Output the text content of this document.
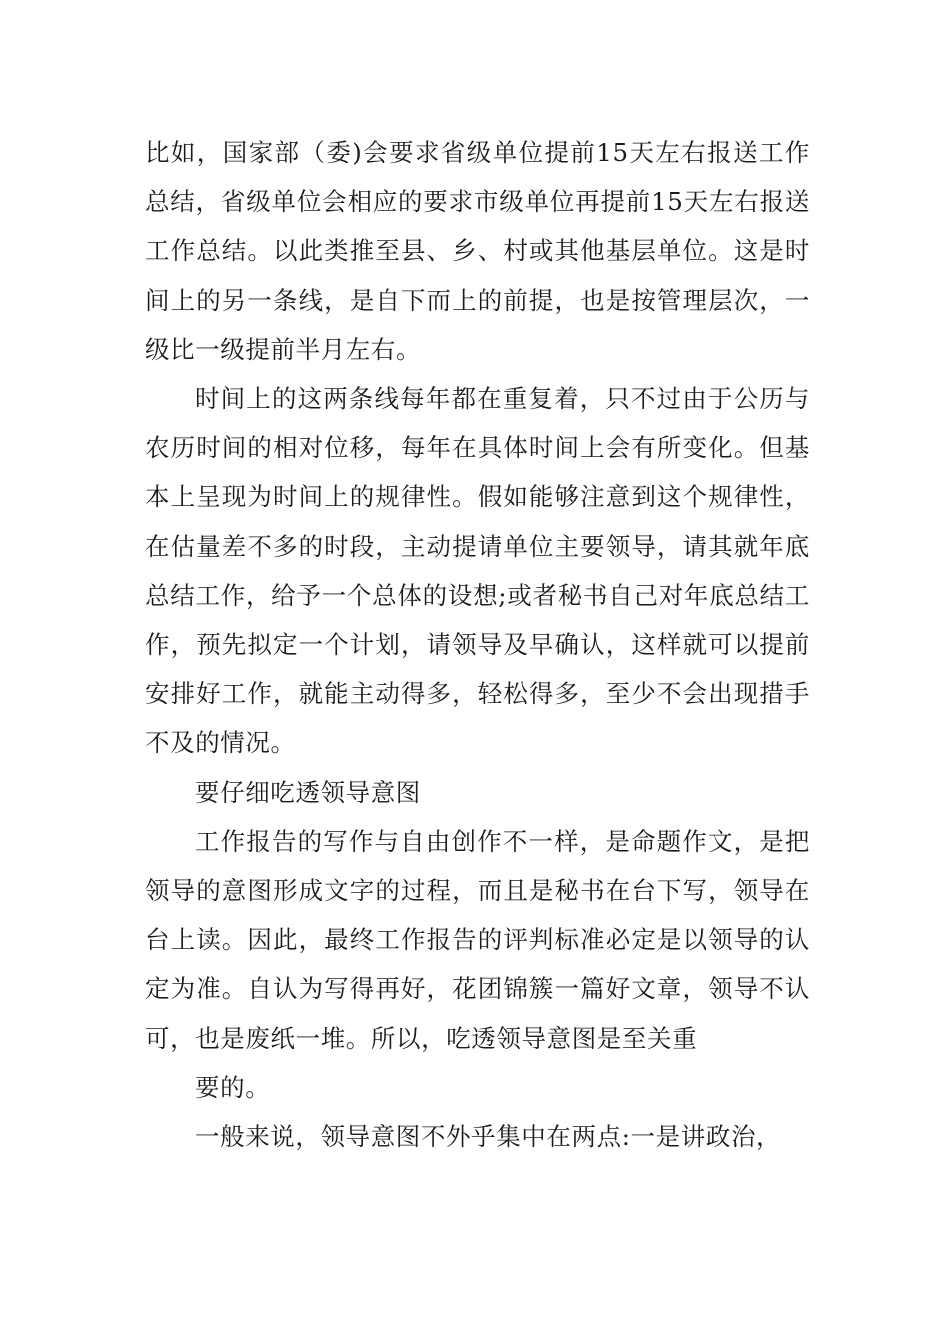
比如，国家部（委)会要求省级单位提前15天左右报送工作总结，省级单位会相应的要求市级单位再提前15天左右报送工作总结。以此类推至县、乡、村或其他基层单位。这是时间上的另一条线，是自下而上的前提，也是按管理层次，一级比一级提前半月左右。

时间上的这两条线每年都在重复着，只不过由于公历与农历时间的相对位移，每年在具体时间上会有所变化。但基本上呈现为时间上的规律性。假如能够注意到这个规律性，在估量差不多的时段，主动提请单位主要领导，请其就年底总结工作，给予一个总体的设想;或者秘书自己对年底总结工作，预先拟定一个计划，请领导及早确认，这样就可以提前安排好工作，就能主动得多，轻松得多，至少不会出现措手不及的情况。

要仔细吃透领导意图

工作报告的写作与自由创作不一样，是命题作文，是把领导的意图形成文字的过程，而且是秘书在台下写，领导在台上读。因此，最终工作报告的评判标准必定是以领导的认定为准。自认为写得再好，花团锦簇一篇好文章，领导不认可，也是废纸一堆。所以，吃透领导意图是至关重

要的。

一般来说，领导意图不外乎集中在两点:一是讲政治，
